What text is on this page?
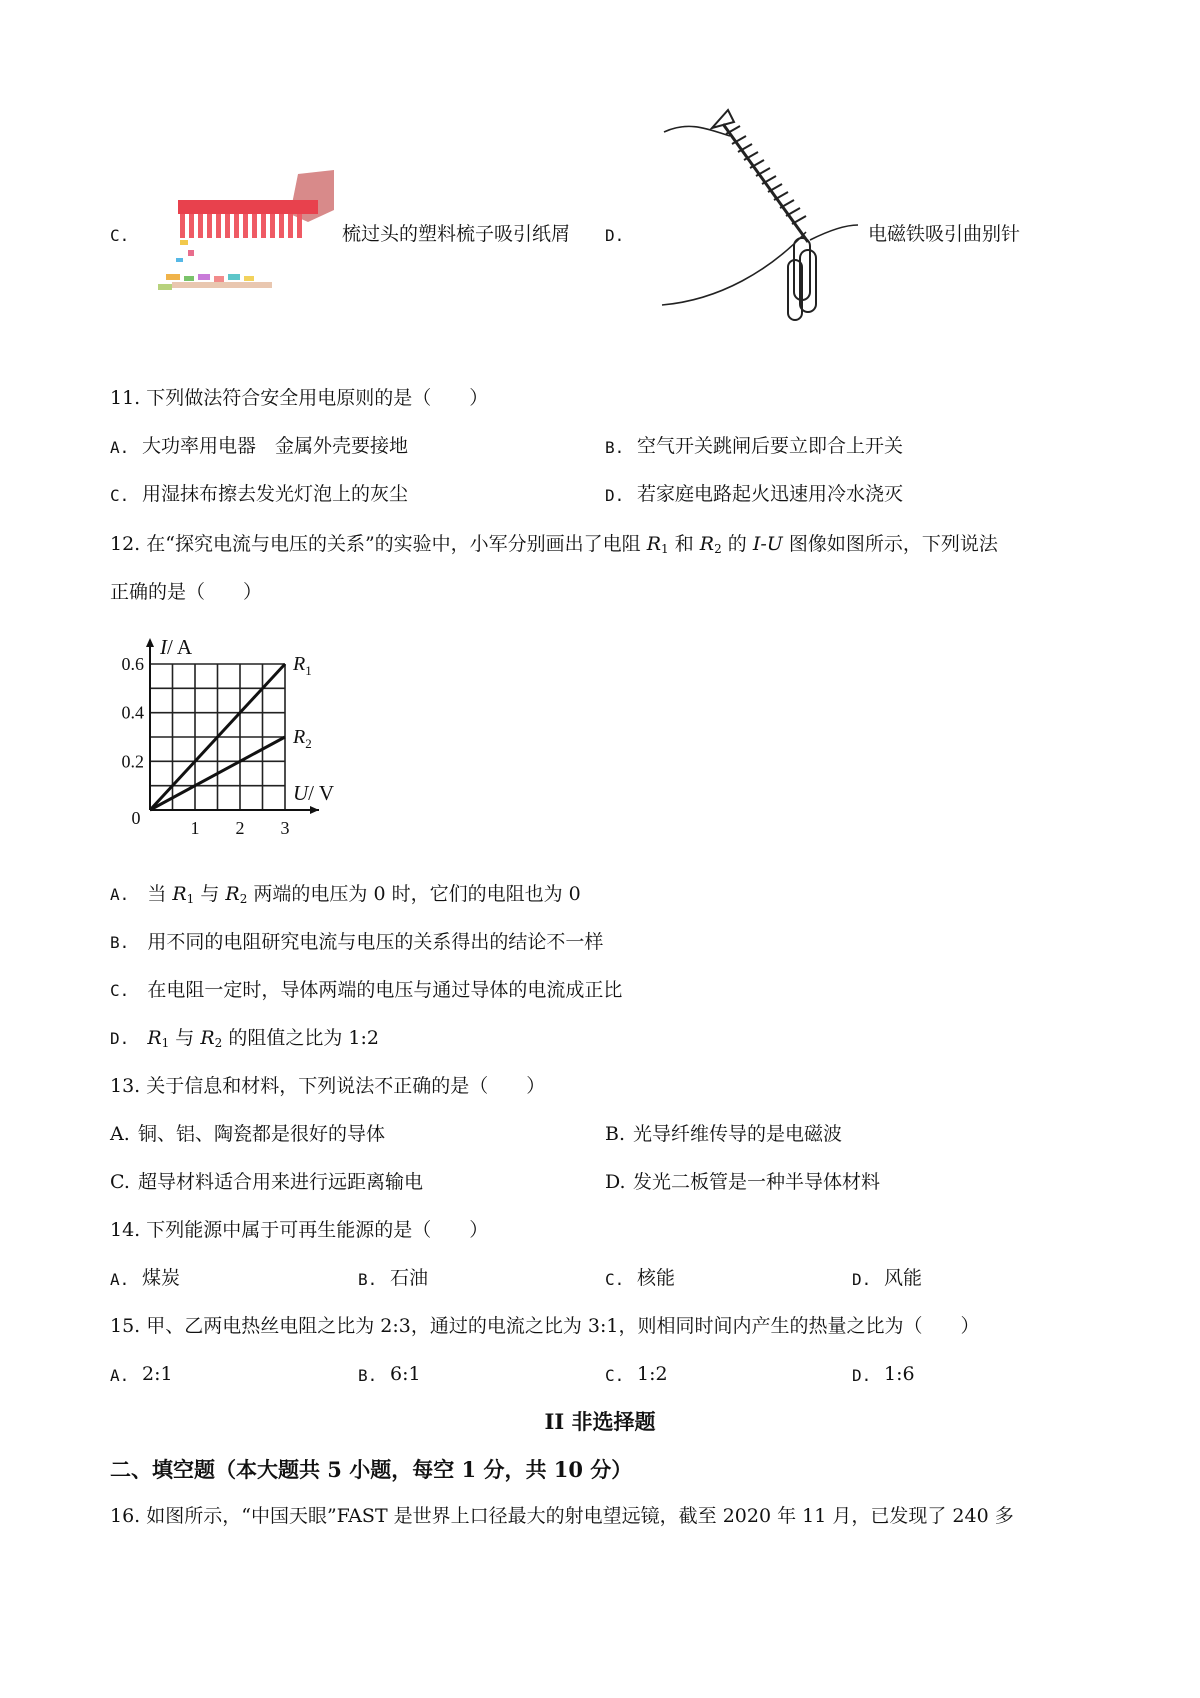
C.	梳过头的塑料梳子吸引纸屑 D.	电磁铁吸引曲别针
11. 下列做法符合安全用电原则的是（　　）
A. 大功率用电器　金属外壳要接地	B. 空气开关跳闸后要立即合上开关
C. 用湿抹布擦去发光灯泡上的灰尘	D. 若家庭电路起火迅速用冷水浇灭
12. 在“探究电流与电压的关系”的实验中，小军分别画出了电阻 $R_1$ 和 $R_2$ 的 I-U 图像如图所示，下列说法
正确的是（　　）
$R_1$
$R_2$
0.2
0.4
0.6
1 2 3
0
I/ A
U/ V
A. 当 $R_1$ 与 $R_2$ 两端的电压为 0 时，它们的电阻也为 0
B. 用不同的电阻研究电流与电压的关系得出的结论不一样
C. 在电阻一定时，导体两端的电压与通过导体的电流成正比
D. $R_1$ 与 $R_2$ 的阻值之比为 1:2
13. 关于信息和材料，下列说法不正确的是（　　）
A. 铜、铝、陶瓷都是很好的导体	B. 光导纤维传导的是电磁波
C. 超导材料适合用来进行远距离输电	D. 发光二板管是一种半导体材料
14. 下列能源中属于可再生能源的是（　　）
A. 煤炭	B. 石油	C. 核能	D. 风能
15. 甲、乙两电热丝电阻之比为 2:3，通过的电流之比为 3:1，则相同时间内产生的热量之比为（　　）
A. 2:1	B. 6:1	C. 1:2	D. 1:6
II 非选择题
二、填空题（本大题共 5 小题，每空 1 分，共 10 分）
16. 如图所示，“中国天眼”FAST 是世界上口径最大的射电望远镜，截至 2020 年 11 月，已发现了 240 多
